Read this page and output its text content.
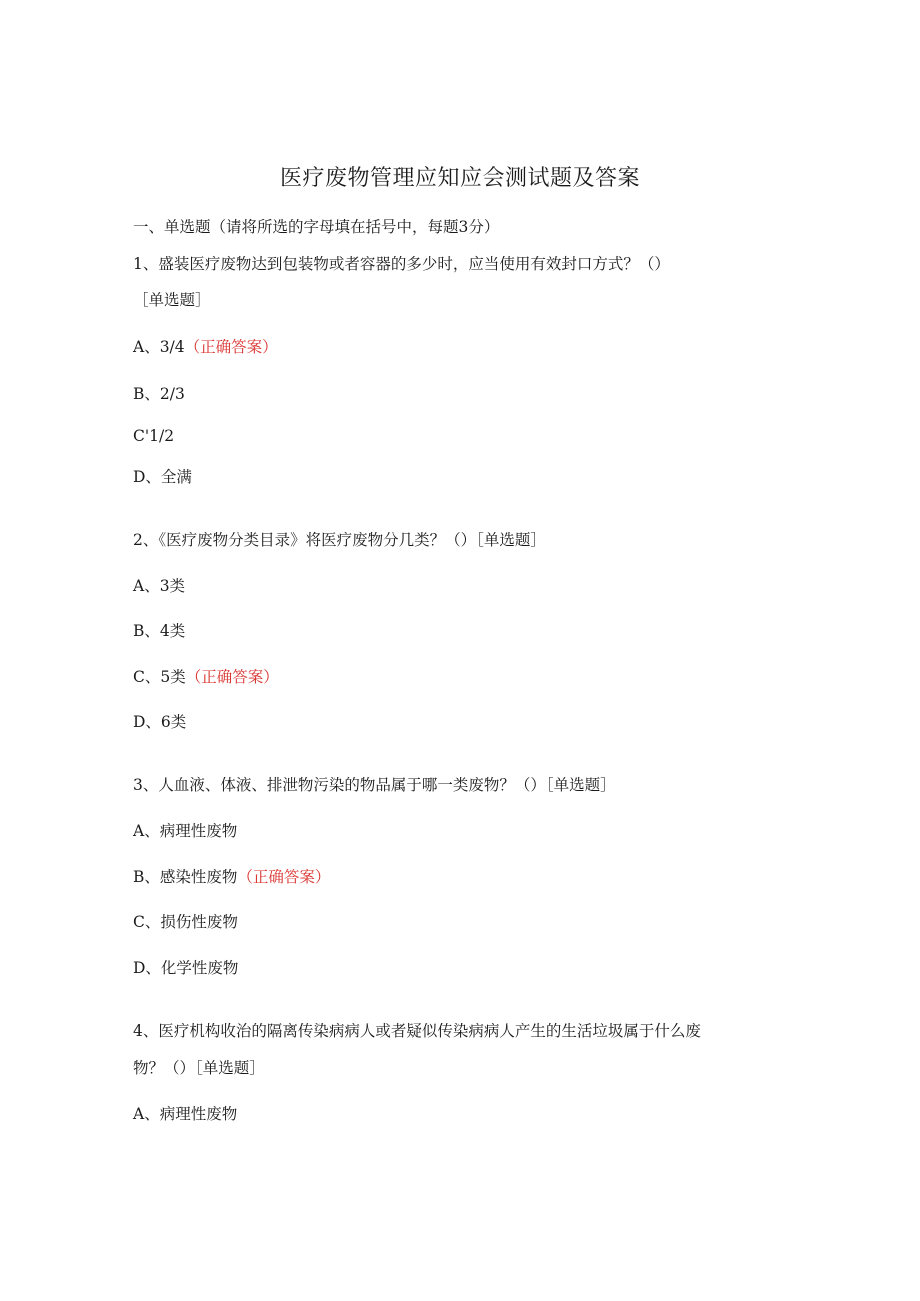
医疗废物管理应知应会测试题及答案
一、单选题（请将所选的字母填在括号中，每题3分）
1、盛装医疗废物达到包装物或者容器的多少时，应当使用有效封口方式？（）
［单选题］
A、3/4（正确答案）
B、2/3
C'1/2
D、全满
2、《医疗废物分类目录》将医疗废物分几类？（）［单选题］
A、3类
B、4类
C、5类（正确答案）
D、6类
3、人血液、体液、排泄物污染的物品属于哪一类废物？（）［单选题］
A、病理性废物
B、感染性废物（正确答案）
C、损伤性废物
D、化学性废物
4、医疗机构收治的隔离传染病病人或者疑似传染病病人产生的生活垃圾属于什么废
物？（）［单选题］
A、病理性废物
